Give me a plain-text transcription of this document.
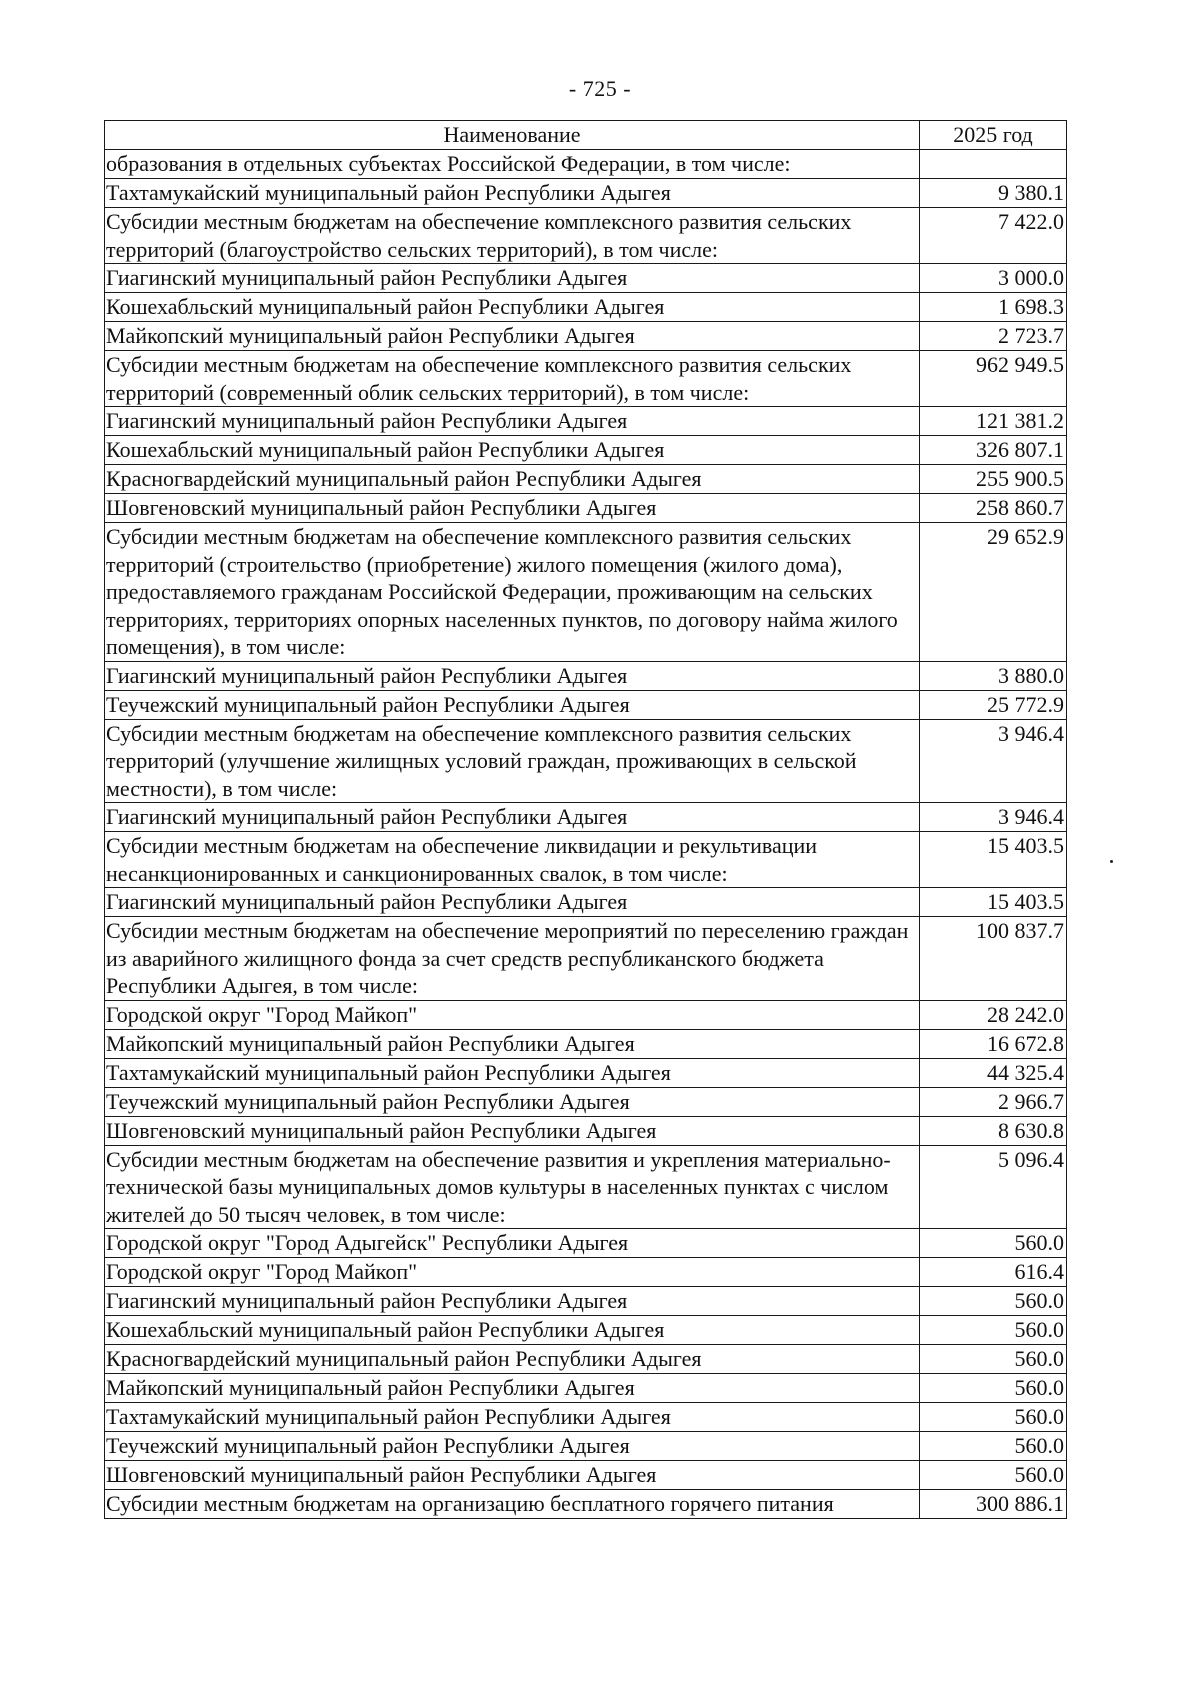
- 725 -
Наименование	2025 год
образования в отдельных субъектах Российской Федерации, в том числе:	
Тахтамукайский муниципальный район Республики Адыгея	9 380.1
Субсидии местным бюджетам на обеспечение комплексного развития сельских территорий (благоустройство сельских территорий), в том числе:	7 422.0
Гиагинский муниципальный район Республики Адыгея	3 000.0
Кошехабльский муниципальный район Республики Адыгея	1 698.3
Майкопский муниципальный район Республики Адыгея	2 723.7
Субсидии местным бюджетам на обеспечение комплексного развития сельских территорий (современный облик сельских территорий), в том числе:	962 949.5
Гиагинский муниципальный район Республики Адыгея	121 381.2
Кошехабльский муниципальный район Республики Адыгея	326 807.1
Красногвардейский муниципальный район Республики Адыгея	255 900.5
Шовгеновский муниципальный район Республики Адыгея	258 860.7
Субсидии местным бюджетам на обеспечение комплексного развития сельских территорий (строительство (приобретение) жилого помещения (жилого дома), предоставляемого гражданам Российской Федерации, проживающим на сельских территориях, территориях опорных населенных пунктов, по договору найма жилого помещения), в том числе:	29 652.9
Гиагинский муниципальный район Республики Адыгея	3 880.0
Теучежский муниципальный район Республики Адыгея	25 772.9
Субсидии местным бюджетам на обеспечение комплексного развития сельских территорий (улучшение жилищных условий граждан, проживающих в сельской местности), в том числе:	3 946.4
Гиагинский муниципальный район Республики Адыгея	3 946.4
Субсидии местным бюджетам на обеспечение ликвидации и рекультивации несанкционированных и санкционированных свалок, в том числе:	15 403.5
Гиагинский муниципальный район Республики Адыгея	15 403.5
Субсидии местным бюджетам на обеспечение мероприятий по переселению граждан из аварийного жилищного фонда за счет средств республиканского бюджета Республики Адыгея, в том числе:	100 837.7
Городской округ "Город Майкоп"	28 242.0
Майкопский муниципальный район Республики Адыгея	16 672.8
Тахтамукайский муниципальный район Республики Адыгея	44 325.4
Теучежский муниципальный район Республики Адыгея	2 966.7
Шовгеновский муниципальный район Республики Адыгея	8 630.8
Субсидии местным бюджетам на обеспечение развития и укрепления материально-технической базы муниципальных домов культуры в населенных пунктах с числом жителей до 50 тысяч человек, в том числе:	5 096.4
Городской округ "Город Адыгейск" Республики Адыгея	560.0
Городской округ "Город Майкоп"	616.4
Гиагинский муниципальный район Республики Адыгея	560.0
Кошехабльский муниципальный район Республики Адыгея	560.0
Красногвардейский муниципальный район Республики Адыгея	560.0
Майкопский муниципальный район Республики Адыгея	560.0
Тахтамукайский муниципальный район Республики Адыгея	560.0
Теучежский муниципальный район Республики Адыгея	560.0
Шовгеновский муниципальный район Республики Адыгея	560.0
Субсидии местным бюджетам на организацию бесплатного горячего питания	300 886.1
